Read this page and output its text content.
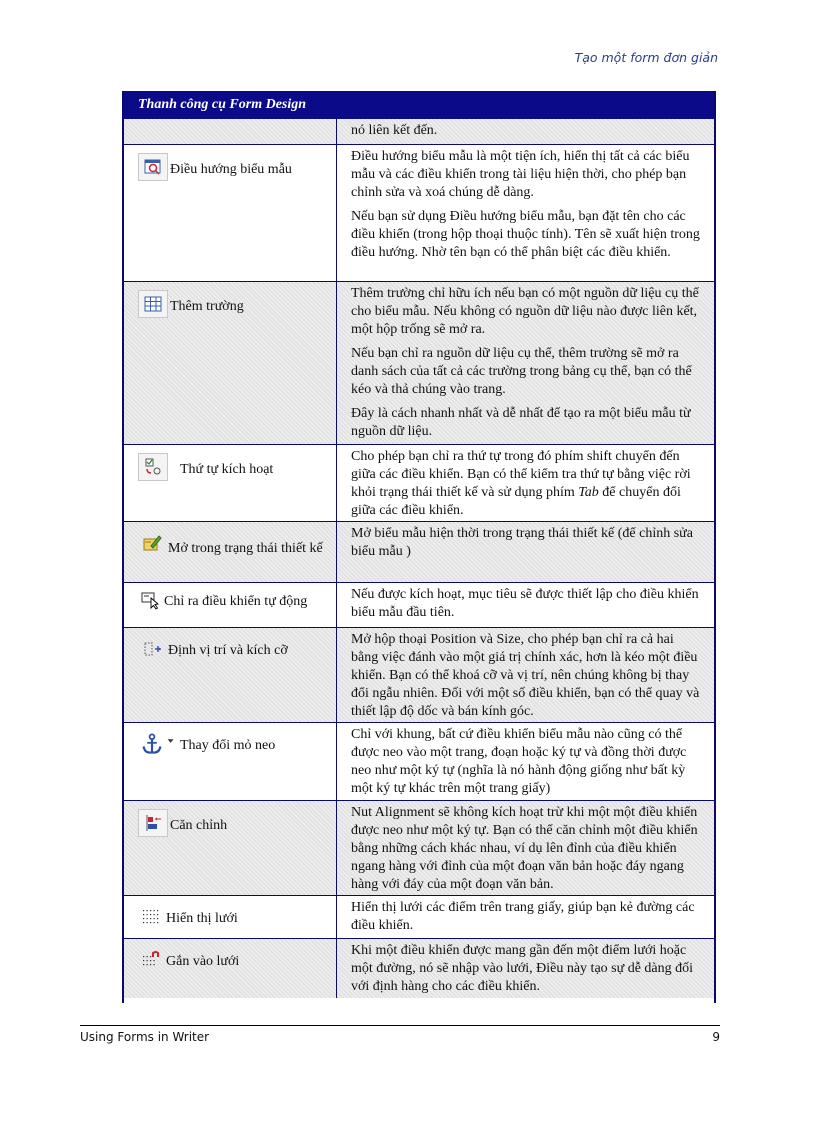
Tạo một form đơn giản
Thanh công cụ Form Design

nó liên kết đến.

Điều hướng biểu mẫu

Điều hướng biểu mẫu là một tiện ích, hiển thị tất cả các biểu mẫu và các điều khiển trong tài liệu hiện thời, cho phép bạn chỉnh sửa và xoá chúng dễ dàng.

Nếu bạn sử dụng Điều hướng biểu mẫu, bạn đặt tên cho các điều khiển (trong hộp thoại thuộc tính). Tên sẽ xuất hiện trong điều hướng. Nhờ tên bạn có thể phân biệt các điều khiển.

Thêm trường

Thêm trường chỉ hữu ích nếu bạn có một nguồn dữ liệu cụ thể cho biểu mẫu. Nếu không có nguồn dữ liệu nào được liên kết, một hộp trống sẽ mở ra.

Nếu bạn chỉ ra nguồn dữ liệu cụ thể, thêm trường sẽ mở ra danh sách của tất cả các trường trong bảng cụ thể, bạn có thể kéo và thả chúng vào trang.

Đây là cách nhanh nhất và dễ nhất để tạo ra một biểu mẫu từ nguồn dữ liệu.

Thứ tự kích hoạt

Cho phép bạn chỉ ra thứ tự trong đó phím shift chuyển đến giữa các điều khiển. Bạn có thể kiểm tra thứ tự bằng việc rời khỏi trạng thái thiết kế và sử dụng phím Tab để chuyển đổi giữa các điều khiển.

Mở trong trạng thái thiết kế

Mở biểu mẫu hiện thời trong trạng thái thiết kế (để chỉnh sửa biểu mẫu )

Chỉ ra điều khiển tự động	Nếu được kích hoạt, mục tiêu sẽ được thiết lập cho điều khiển biểu mẫu đầu tiên.

Định vị trí và kích cỡ

Mở hộp thoại Position và Size, cho phép bạn chỉ ra cả hai bằng việc đánh vào một giá trị chính xác, hơn là kéo một điều khiển. Bạn có thể khoá cỡ và vị trí, nên chúng không bị thay đổi ngẫu nhiên. Đối với một số điều khiển, bạn có thể quay và thiết lập độ dốc và bán kính góc.

Thay đổi mỏ neo

Chỉ với khung, bất cứ điều khiển biểu mẫu nào cũng có thể được neo vào một trang, đoạn hoặc ký tự và đồng thời được neo như một ký tự (nghĩa là nó hành động giống như bất kỳ một ký tự khác trên một trang giấy)

Căn chỉnh

Nut Alignment sẽ không kích hoạt trừ khi một một điều khiển được neo như một ký tự. Bạn có thể căn chỉnh một điều khiển bằng những cách khác nhau, ví dụ lên đỉnh của điều khiển ngang hàng với đỉnh của một đoạn văn bản hoặc đáy ngang hàng với đáy của một đoạn văn bản.

Hiển thị lưới

Hiển thị lưới các điểm trên trang giấy, giúp bạn kẻ đường các điều khiển.

Gắn vào lưới

Khi một điều khiển được mang gần đến một điểm lưới hoặc một đường, nó sẽ nhập vào lưới, Điều này tạo sự dễ dàng đối với định hàng cho các điều khiển.

Using Forms in Writer	9
